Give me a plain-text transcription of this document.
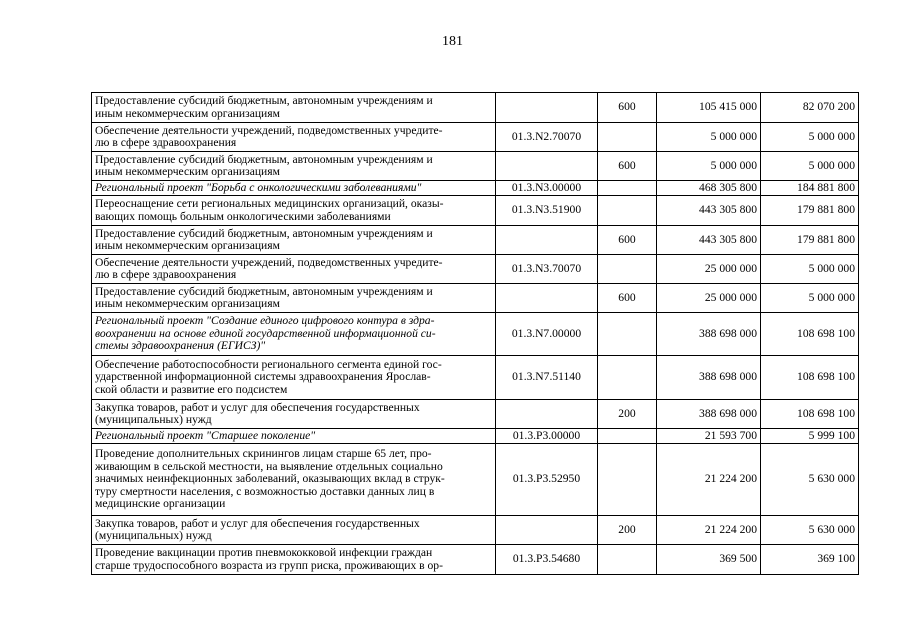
181
Предоставление субсидий бюджетным, автономным учреждениям и
иным некоммерческим организациям		600	105 415 000	82 070 200

Обеспечение деятельности учреждений, подведомственных учредите-
лю в сфере здравоохранения	01.3.N2.70070		5 000 000	5 000 000

Предоставление субсидий бюджетным, автономным учреждениям и
иным некоммерческим организациям		600	5 000 000	5 000 000

Региональный проект "Борьба с онкологическими заболеваниями"	01.3.N3.00000		468 305 800	184 881 800

Переоснащение сети региональных медицинских организаций, оказы-
вающих помощь больным онкологическими заболеваниями	01.3.N3.51900		443 305 800	179 881 800

Предоставление субсидий бюджетным, автономным учреждениям и
иным некоммерческим организациям		600	443 305 800	179 881 800

Обеспечение деятельности учреждений, подведомственных учредите-
лю в сфере здравоохранения	01.3.N3.70070		25 000 000	5 000 000

Предоставление субсидий бюджетным, автономным учреждениям и
иным некоммерческим организациям		600	25 000 000	5 000 000

Региональный проект "Создание единого цифрового контура в здра-
воохранении на основе единой государственной информационной си-
стемы здравоохранения (ЕГИСЗ)"	01.3.N7.00000		388 698 000	108 698 100

Обеспечение работоспособности регионального сегмента единой гос-
ударственной информационной системы здравоохранения Ярослав-
ской области и развитие его подсистем	01.3.N7.51140		388 698 000	108 698 100

Закупка товаров, работ и услуг для обеспечения государственных
(муниципальных) нужд		200	388 698 000	108 698 100

Региональный проект "Старшее поколение"	01.3.P3.00000		21 593 700	5 999 100

Проведение дополнительных скринингов лицам старше 65 лет, про-
живающим в сельской местности, на выявление отдельных социально
значимых неинфекционных заболеваний, оказывающих вклад в струк-
туру смертности населения, с возможностью доставки данных лиц в
медицинские организации	01.3.P3.52950		21 224 200	5 630 000

Закупка товаров, работ и услуг для обеспечения государственных
(муниципальных) нужд		200	21 224 200	5 630 000

Проведение вакцинации против пневмококковой инфекции граждан
старше трудоспособного возраста из групп риска, проживающих в ор-	01.3.P3.54680		369 500	369 100
